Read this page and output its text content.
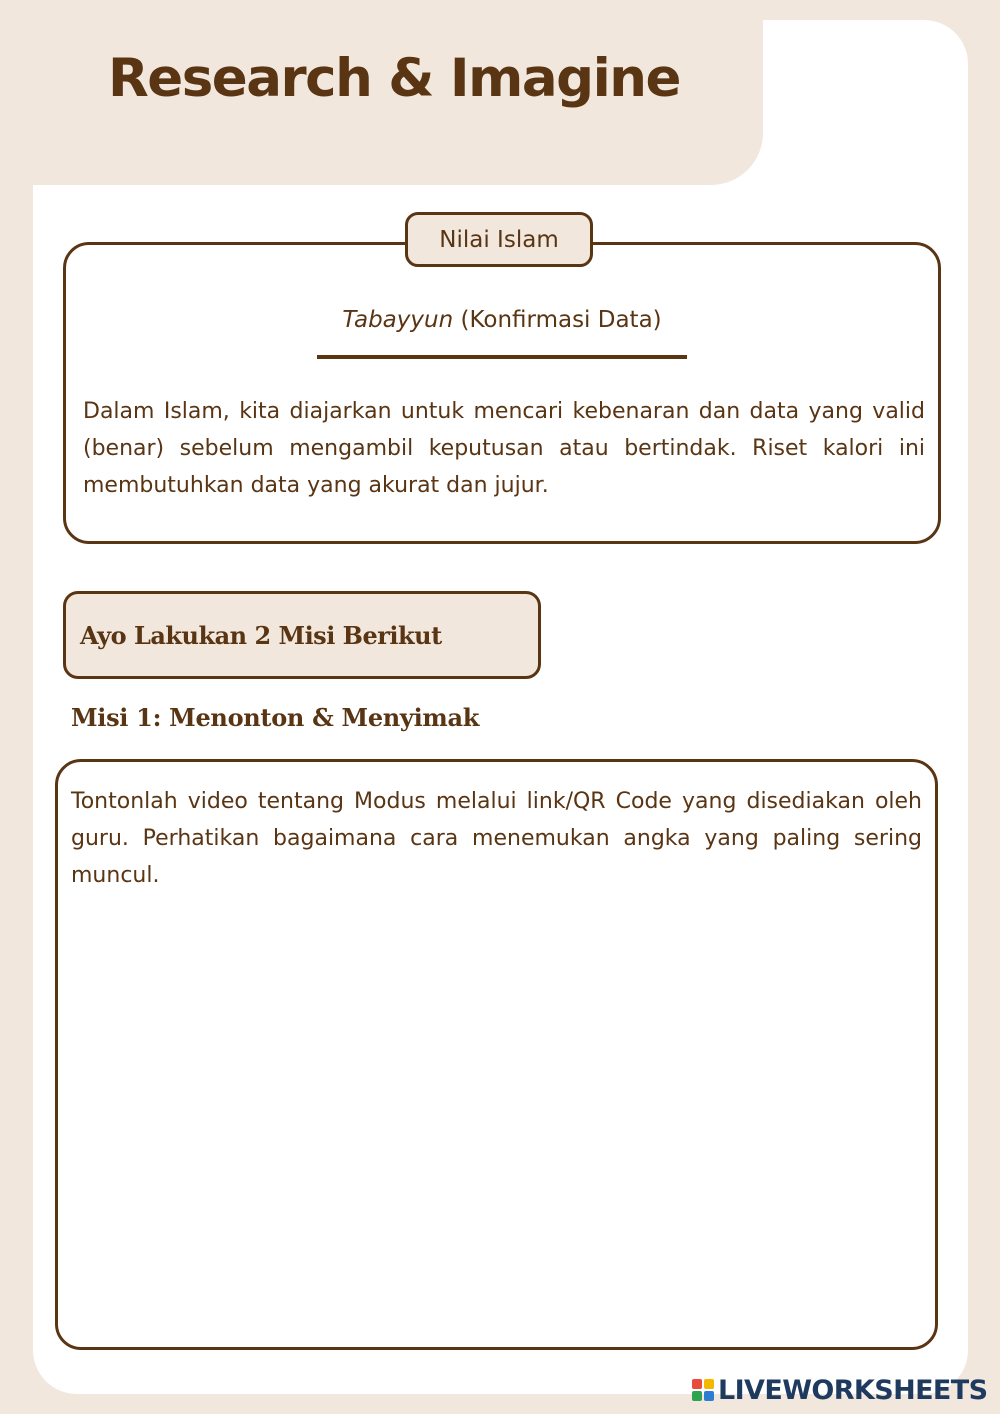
Research & Imagine
Nilai Islam
Tabayyun (Konfirmasi Data)
Dalam Islam, kita diajarkan untuk mencari kebenaran dan data yang valid (benar) sebelum mengambil keputusan atau bertindak. Riset kalori ini membutuhkan data yang akurat dan jujur.
Ayo Lakukan 2 Misi Berikut
Misi 1: Menonton & Menyimak
Tontonlah video tentang Modus melalui link/QR Code yang disediakan oleh guru. Perhatikan bagaimana cara menemukan angka yang paling sering muncul.
LIVEWORKSHEETS
